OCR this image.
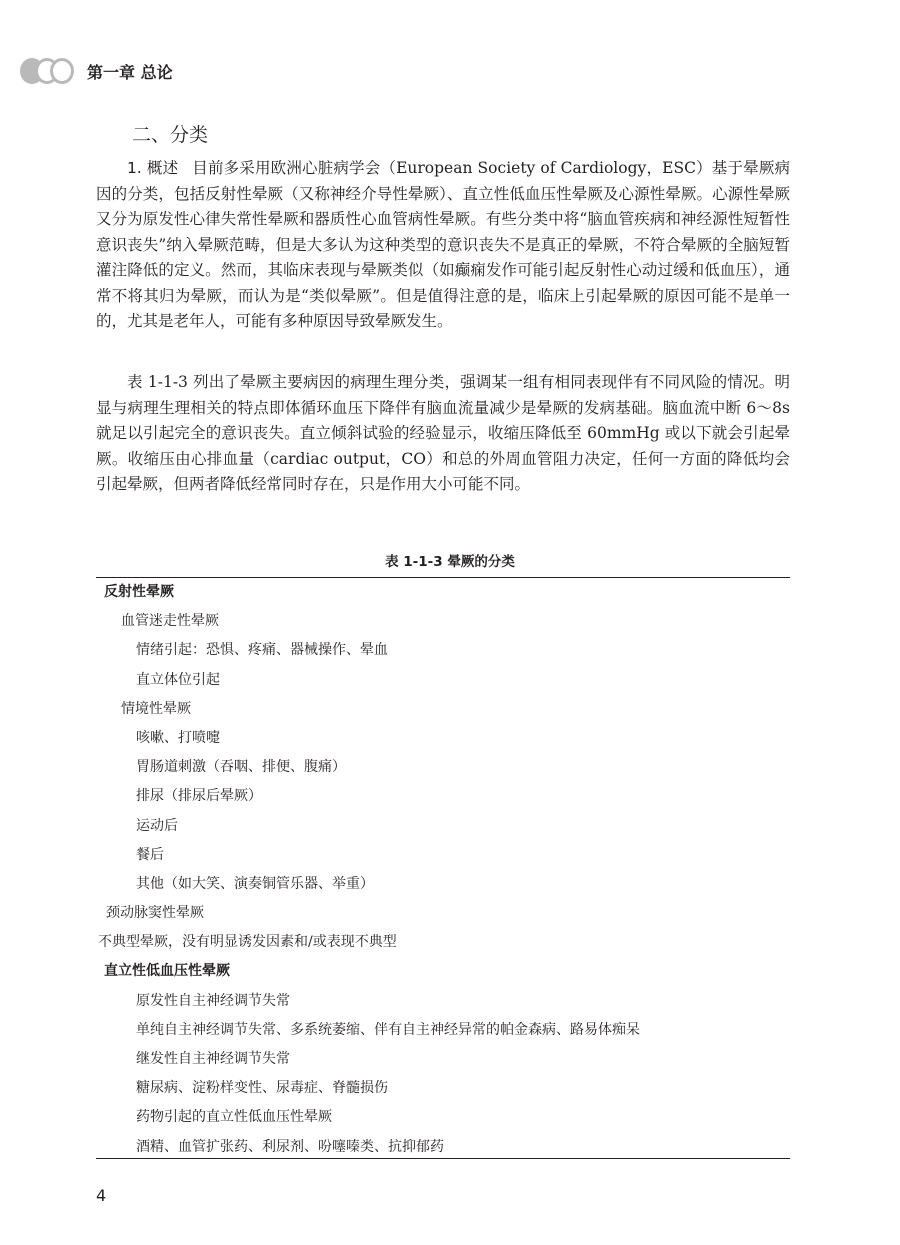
第一章 总论
二、分类

1. 概述 目前多采用欧洲心脏病学会（European Society of Cardiology，ESC）基于晕厥病因的分类，包括反射性晕厥（又称神经介导性晕厥）、直立性低血压性晕厥及心源性晕厥。心源性晕厥又分为原发性心律失常性晕厥和器质性心血管病性晕厥。有些分类中将“脑血管疾病和神经源性短暂性意识丧失”纳入晕厥范畴，但是大多认为这种类型的意识丧失不是真正的晕厥，不符合晕厥的全脑短暂灌注降低的定义。然而，其临床表现与晕厥类似（如癫痫发作可能引起反射性心动过缓和低血压），通常不将其归为晕厥，而认为是“类似晕厥”。但是值得注意的是，临床上引起晕厥的原因可能不是单一的，尤其是老年人，可能有多种原因导致晕厥发生。

表 1-1-3 列出了晕厥主要病因的病理生理分类，强调某一组有相同表现伴有不同风险的情况。明显与病理生理相关的特点即体循环血压下降伴有脑血流量减少是晕厥的发病基础。脑血流中断 6～8s 就足以引起完全的意识丧失。直立倾斜试验的经验显示，收缩压降低至 60mmHg 或以下就会引起晕厥。收缩压由心排血量（cardiac output，CO）和总的外周血管阻力决定，任何一方面的降低均会引起晕厥，但两者降低经常同时存在，只是作用大小可能不同。

表 1-1-3 晕厥的分类
反射性晕厥
血管迷走性晕厥
情绪引起：恐惧、疼痛、器械操作、晕血
直立体位引起
情境性晕厥
咳嗽、打喷嚏
胃肠道刺激（吞咽、排便、腹痛）
排尿（排尿后晕厥）
运动后
餐后
其他（如大笑、演奏铜管乐器、举重）
颈动脉窦性晕厥
不典型晕厥，没有明显诱发因素和/或表现不典型
直立性低血压性晕厥
原发性自主神经调节失常
单纯自主神经调节失常、多系统萎缩、伴有自主神经异常的帕金森病、路易体痴呆
继发性自主神经调节失常
糖尿病、淀粉样变性、尿毒症、脊髓损伤
药物引起的直立性低血压性晕厥
酒精、血管扩张药、利尿剂、吩噻嗪类、抗抑郁药
4
